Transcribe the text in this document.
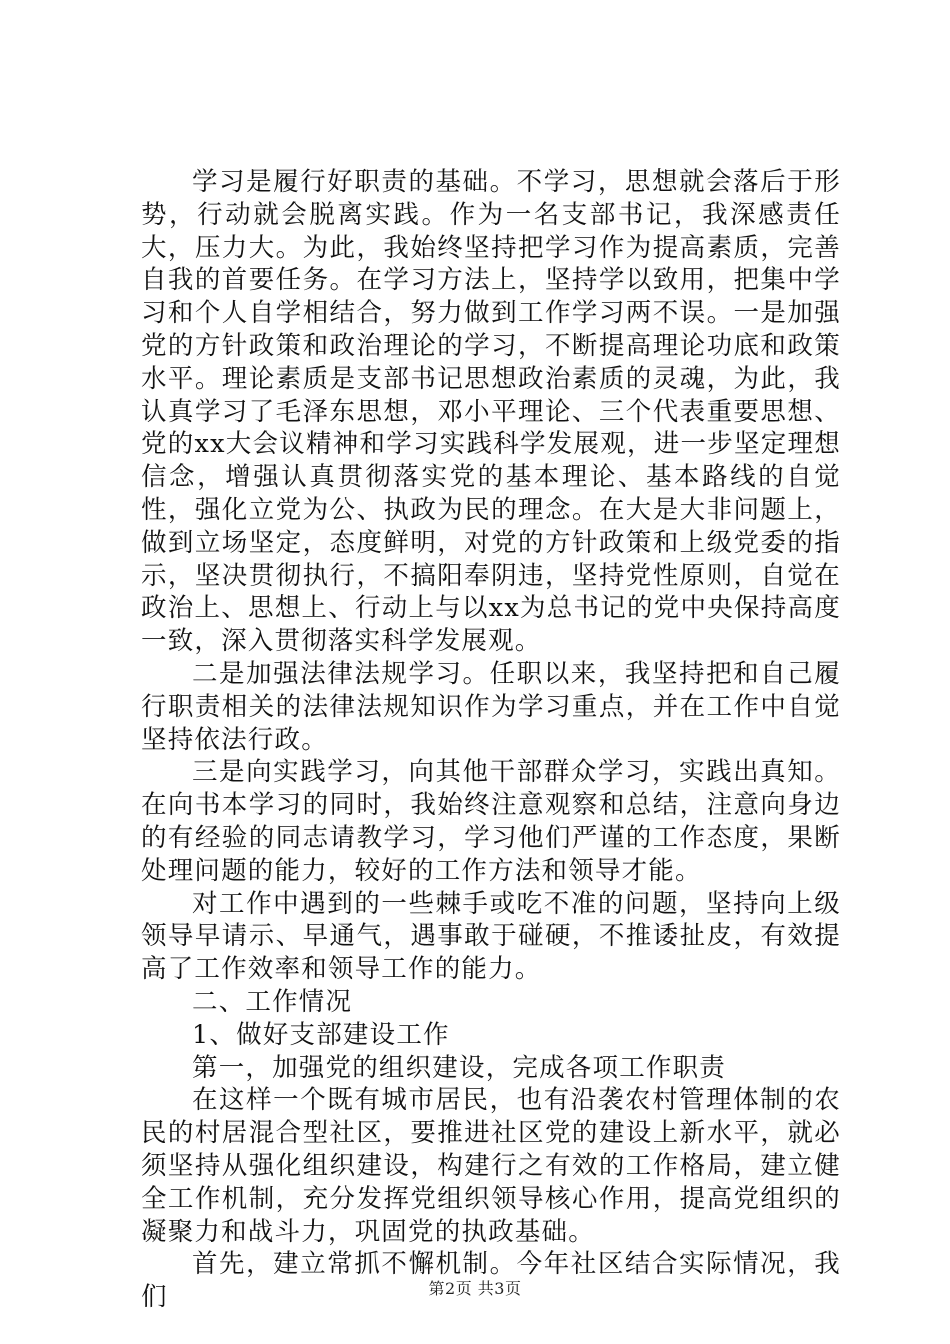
学习是履行好职责的基础。不学习，思想就会落后于形势，行动就会脱离实践。作为一名支部书记，我深感责任大，压力大。为此，我始终坚持把学习作为提高素质，完善自我的首要任务。在学习方法上，坚持学以致用，把集中学习和个人自学相结合，努力做到工作学习两不误。一是加强党的方针政策和政治理论的学习，不断提高理论功底和政策水平。理论素质是支部书记思想政治素质的灵魂，为此，我认真学习了毛泽东思想，邓小平理论、三个代表重要思想、党的xx大会议精神和学习实践科学发展观，进一步坚定理想信念，增强认真贯彻落实党的基本理论、基本路线的自觉性，强化立党为公、执政为民的理念。在大是大非问题上，做到立场坚定，态度鲜明，对党的方针政策和上级党委的指示，坚决贯彻执行，不搞阳奉阴违，坚持党性原则，自觉在政治上、思想上、行动上与以xx为总书记的党中央保持高度一致，深入贯彻落实科学发展观。

二是加强法律法规学习。任职以来，我坚持把和自己履行职责相关的法律法规知识作为学习重点，并在工作中自觉坚持依法行政。

三是向实践学习，向其他干部群众学习，实践出真知。在向书本学习的同时，我始终注意观察和总结，注意向身边的有经验的同志请教学习，学习他们严谨的工作态度，果断处理问题的能力，较好的工作方法和领导才能。

对工作中遇到的一些棘手或吃不准的问题，坚持向上级领导早请示、早通气，遇事敢于碰硬，不推诿扯皮，有效提高了工作效率和领导工作的能力。

二、工作情况

1、做好支部建设工作

第一，加强党的组织建设，完成各项工作职责

在这样一个既有城市居民，也有沿袭农村管理体制的农民的村居混合型社区，要推进社区党的建设上新水平，就必须坚持从强化组织建设，构建行之有效的工作格局，建立健全工作机制，充分发挥党组织领导核心作用，提高党组织的凝聚力和战斗力，巩固党的执政基础。

首先，建立常抓不懈机制。今年社区结合实际情况，我们	第2页 共3页
